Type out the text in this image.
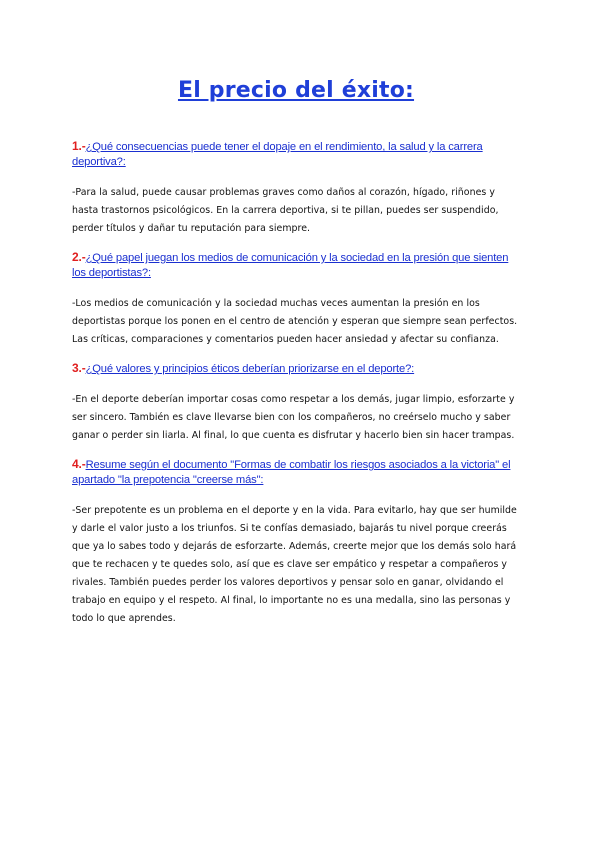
El precio del éxito:

1.-¿Qué consecuencias puede tener el dopaje en el rendimiento, la salud y la carrera deportiva?:

-Para la salud, puede causar problemas graves como daños al corazón, hígado, riñones y hasta trastornos psicológicos. En la carrera deportiva, si te pillan, puedes ser suspendido, perder títulos y dañar tu reputación para siempre.

2.-¿Qué papel juegan los medios de comunicación y la sociedad en la presión que sienten los deportistas?:

-Los medios de comunicación y la sociedad muchas veces aumentan la presión en los deportistas porque los ponen en el centro de atención y esperan que siempre sean perfectos. Las críticas, comparaciones y comentarios pueden hacer ansiedad y afectar su confianza.

3.-¿Qué valores y principios éticos deberían priorizarse en el deporte?:

-En el deporte deberían importar cosas como respetar a los demás, jugar limpio, esforzarte y ser sincero. También es clave llevarse bien con los compañeros, no creérselo mucho y saber ganar o perder sin liarla. Al final, lo que cuenta es disfrutar y hacerlo bien sin hacer trampas.

4.-Resume según el documento "Formas de combatir los riesgos asociados a la victoria" el apartado "la prepotencia "creerse más":

-Ser prepotente es un problema en el deporte y en la vida. Para evitarlo, hay que ser humilde y darle el valor justo a los triunfos. Si te confías demasiado, bajarás tu nivel porque creerás que ya lo sabes todo y dejarás de esforzarte. Además, creerte mejor que los demás solo hará que te rechacen y te quedes solo, así que es clave ser empático y respetar a compañeros y rivales. También puedes perder los valores deportivos y pensar solo en ganar, olvidando el trabajo en equipo y el respeto. Al final, lo importante no es una medalla, sino las personas y todo lo que aprendes.
